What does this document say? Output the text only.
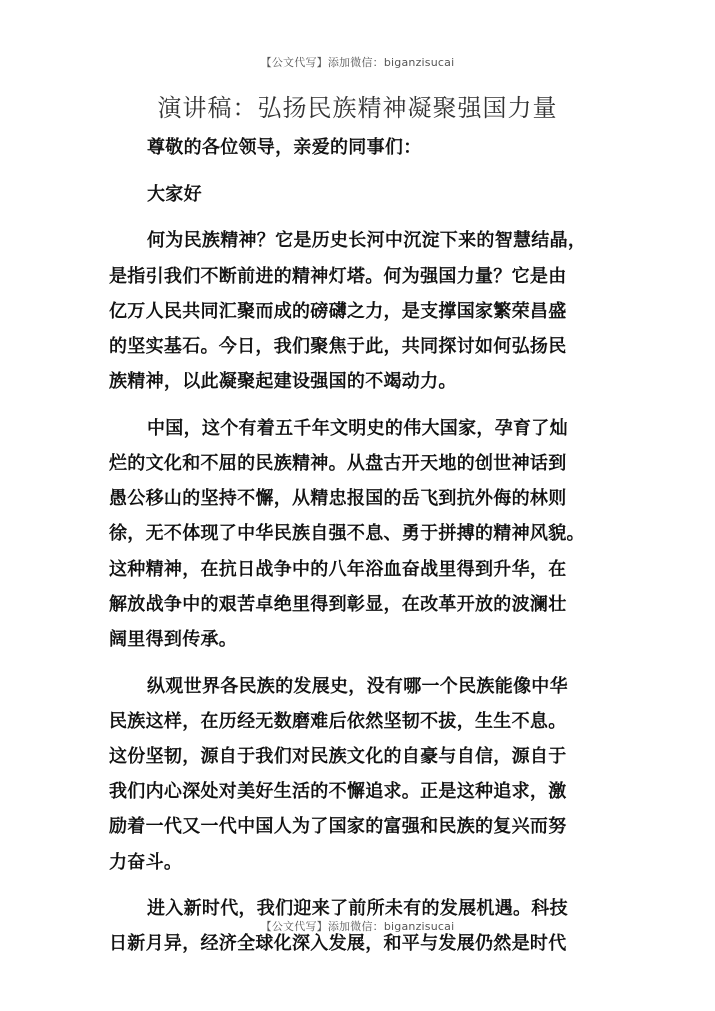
【公文代写】添加微信：biganzisucai
演讲稿：弘扬民族精神凝聚强国力量
尊敬的各位领导，亲爱的同事们：
大家好
何为民族精神？它是历史长河中沉淀下来的智慧结晶，
是指引我们不断前进的精神灯塔。何为强国力量？它是由
亿万人民共同汇聚而成的磅礴之力，是支撑国家繁荣昌盛
的坚实基石。今日，我们聚焦于此，共同探讨如何弘扬民
族精神，以此凝聚起建设强国的不竭动力。
中国，这个有着五千年文明史的伟大国家，孕育了灿
烂的文化和不屈的民族精神。从盘古开天地的创世神话到
愚公移山的坚持不懈，从精忠报国的岳飞到抗外侮的林则
徐，无不体现了中华民族自强不息、勇于拼搏的精神风貌。
这种精神，在抗日战争中的八年浴血奋战里得到升华，在
解放战争中的艰苦卓绝里得到彰显，在改革开放的波澜壮
阔里得到传承。
纵观世界各民族的发展史，没有哪一个民族能像中华
民族这样，在历经无数磨难后依然坚韧不拔，生生不息。
这份坚韧，源自于我们对民族文化的自豪与自信，源自于
我们内心深处对美好生活的不懈追求。正是这种追求，激
励着一代又一代中国人为了国家的富强和民族的复兴而努
力奋斗。
进入新时代，我们迎来了前所未有的发展机遇。科技
日新月异，经济全球化深入发展，和平与发展仍然是时代
【公文代写】添加微信：biganzisucai
